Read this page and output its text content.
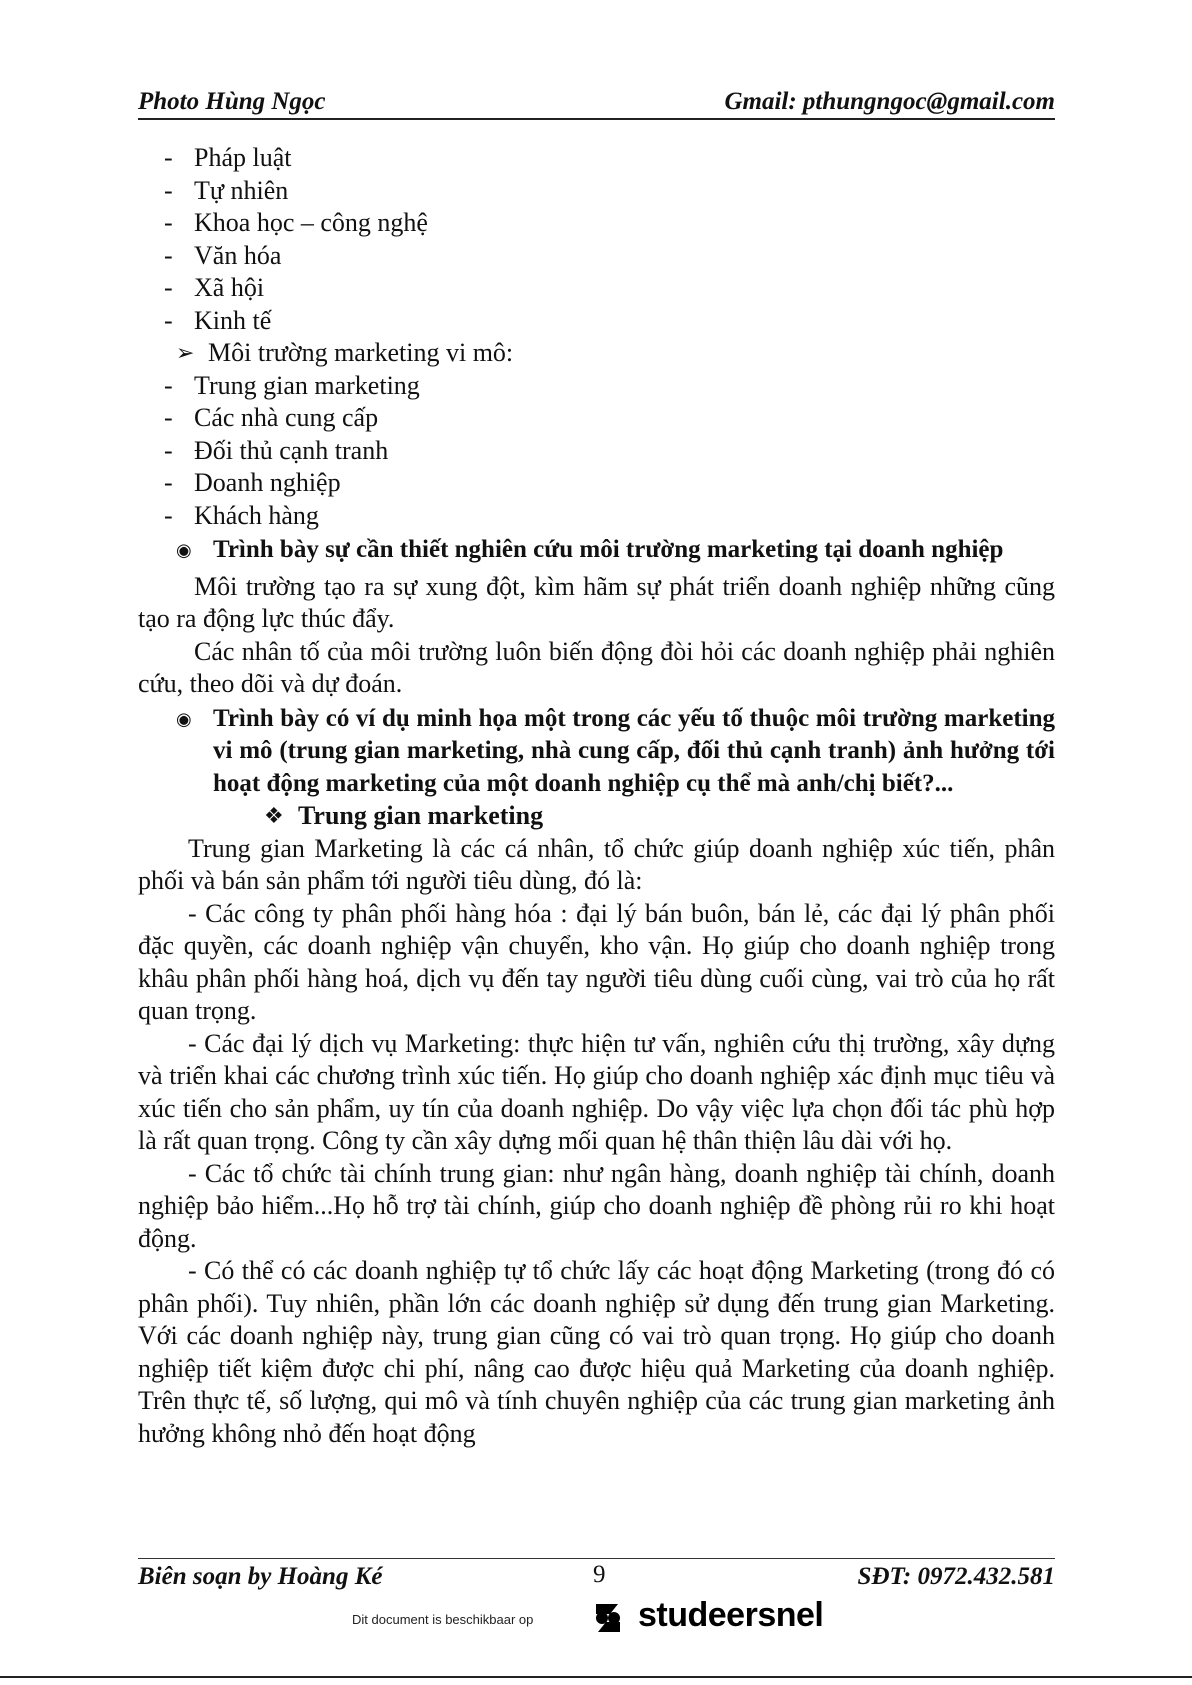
Photo Hùng Ngọc	Gmail: pthungngoc@gmail.com
- Pháp luật
- Tự nhiên
- Khoa học – công nghệ
- Văn hóa
- Xã hội
- Kinh tế
➢ Môi trường marketing vi mô:
- Trung gian marketing
- Các nhà cung cấp
- Đối thủ cạnh tranh
- Doanh nghiệp
- Khách hàng
◉ Trình bày sự cần thiết nghiên cứu môi trường marketing tại doanh nghiệp

Môi trường tạo ra sự xung đột, kìm hãm sự phát triển doanh nghiệp những cũng tạo ra động lực thúc đẩy.

Các nhân tố của môi trường luôn biến động đòi hỏi các doanh nghiệp phải nghiên cứu, theo dõi và dự đoán.

◉ Trình bày có ví dụ minh họa một trong các yếu tố thuộc môi trường marketing vi mô (trung gian marketing, nhà cung cấp, đối thủ cạnh tranh) ảnh hưởng tới hoạt động marketing của một doanh nghiệp cụ thể mà anh/chị biết?...
❖ Trung gian marketing

Trung gian Marketing là các cá nhân, tổ chức giúp doanh nghiệp xúc tiến, phân phối và bán sản phẩm tới người tiêu dùng, đó là:

- Các công ty phân phối hàng hóa : đại lý bán buôn, bán lẻ, các đại lý phân phối đặc quyền, các doanh nghiệp vận chuyển, kho vận. Họ giúp cho doanh nghiệp trong khâu phân phối hàng hoá, dịch vụ đến tay người tiêu dùng cuối cùng, vai trò của họ rất quan trọng.

- Các đại lý dịch vụ Marketing: thực hiện tư vấn, nghiên cứu thị trường, xây dựng và triển khai các chương trình xúc tiến. Họ giúp cho doanh nghiệp xác định mục tiêu và xúc tiến cho sản phẩm, uy tín của doanh nghiệp. Do vậy việc lựa chọn đối tác phù hợp là rất quan trọng. Công ty cần xây dựng mối quan hệ thân thiện lâu dài với họ.

- Các tổ chức tài chính trung gian: như ngân hàng, doanh nghiệp tài chính, doanh nghiệp bảo hiểm...Họ hỗ trợ tài chính, giúp cho doanh nghiệp đề phòng rủi ro khi hoạt động.

- Có thể có các doanh nghiệp tự tổ chức lấy các hoạt động Marketing (trong đó có phân phối). Tuy nhiên, phần lớn các doanh nghiệp sử dụng đến trung gian Marketing. Với các doanh nghiệp này, trung gian cũng có vai trò quan trọng. Họ giúp cho doanh nghiệp tiết kiệm được chi phí, nâng cao được hiệu quả Marketing của doanh nghiệp. Trên thực tế, số lượng, qui mô và tính chuyên nghiệp của các trung gian marketing ảnh hưởng không nhỏ đến hoạt động

Biên soạn by Hoàng Ké	9	SĐT: 0972.432.581
Dit document is beschikbaar op	studeersnel
